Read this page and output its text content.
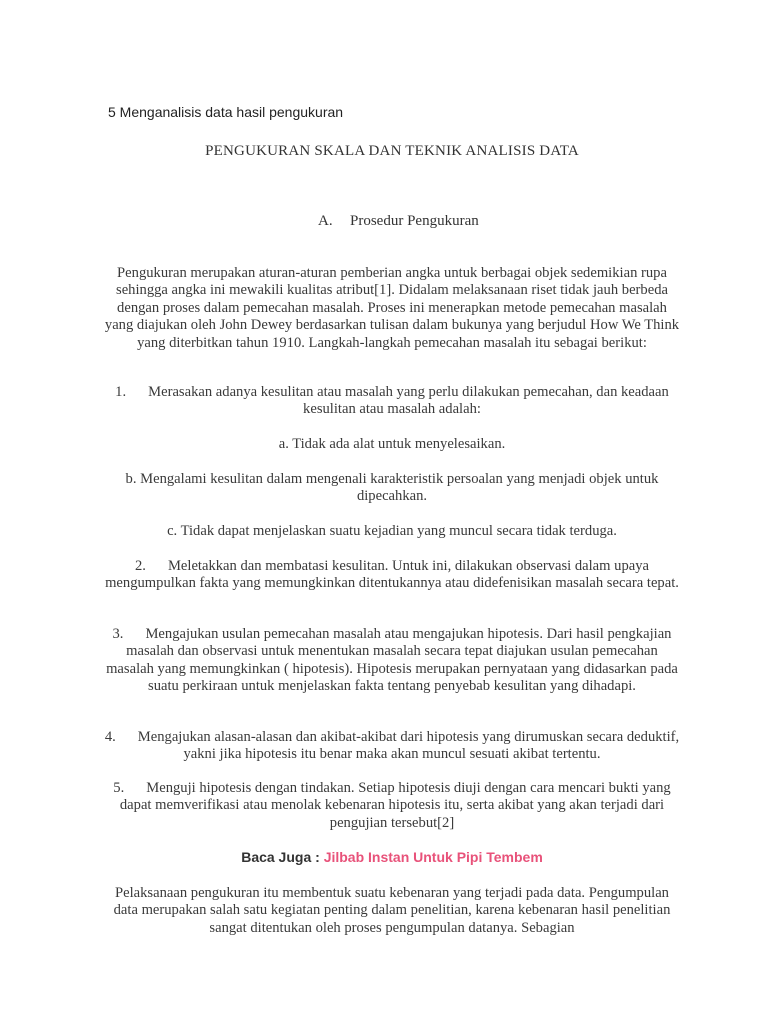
5 Menganalisis data hasil pengukuran
PENGUKURAN SKALA DAN TEKNIK ANALISIS DATA
A. Prosedur Pengukuran
Pengukuran merupakan aturan-aturan pemberian angka untuk berbagai objek sedemikian rupa sehingga angka ini mewakili kualitas atribut[1]. Didalam melaksanaan riset tidak jauh berbeda dengan proses dalam pemecahan masalah. Proses ini menerapkan metode pemecahan masalah yang diajukan oleh John Dewey berdasarkan tulisan dalam bukunya yang berjudul How We Think yang diterbitkan tahun 1910. Langkah-langkah pemecahan masalah itu sebagai berikut:
1. Merasakan adanya kesulitan atau masalah yang perlu dilakukan pemecahan, dan keadaan kesulitan atau masalah adalah:
a. Tidak ada alat untuk menyelesaikan.
b. Mengalami kesulitan dalam mengenali karakteristik persoalan yang menjadi objek untuk dipecahkan.
c. Tidak dapat menjelaskan suatu kejadian yang muncul secara tidak terduga.
2. Meletakkan dan membatasi kesulitan. Untuk ini, dilakukan observasi dalam upaya mengumpulkan fakta yang memungkinkan ditentukannya atau didefenisikan masalah secara tepat.
3. Mengajukan usulan pemecahan masalah atau mengajukan hipotesis. Dari hasil pengkajian masalah dan observasi untuk menentukan masalah secara tepat diajukan usulan pemecahan masalah yang memungkinkan ( hipotesis). Hipotesis merupakan pernyataan yang didasarkan pada suatu perkiraan untuk menjelaskan fakta tentang penyebab kesulitan yang dihadapi.
4. Mengajukan alasan-alasan dan akibat-akibat dari hipotesis yang dirumuskan secara deduktif, yakni jika hipotesis itu benar maka akan muncul sesuati akibat tertentu.
5. Menguji hipotesis dengan tindakan. Setiap hipotesis diuji dengan cara mencari bukti yang dapat memverifikasi atau menolak kebenaran hipotesis itu, serta akibat yang akan terjadi dari pengujian tersebut[2]
Baca Juga : Jilbab Instan Untuk Pipi Tembem
Pelaksanaan pengukuran itu membentuk suatu kebenaran yang terjadi pada data. Pengumpulan data merupakan salah satu kegiatan penting dalam penelitian, karena kebenaran hasil penelitian sangat ditentukan oleh proses pengumpulan datanya. Sebagian
